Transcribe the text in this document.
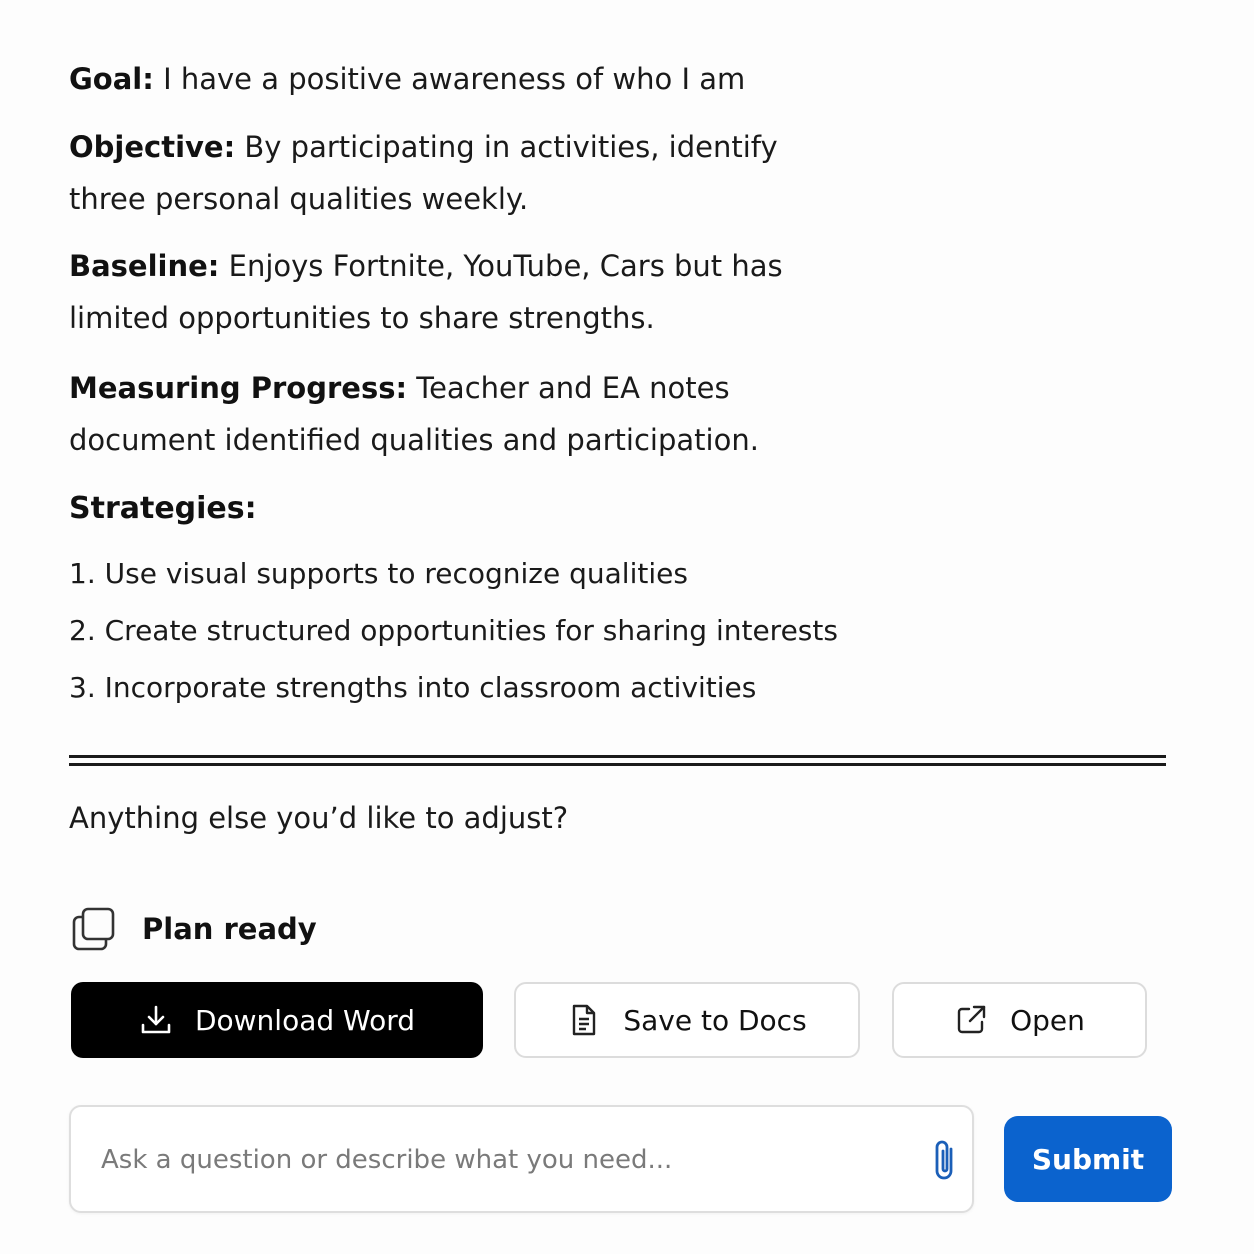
Goal: I have a positive awareness of who I am

Objective: By participating in activities, identify three personal qualities weekly.

Baseline: Enjoys Fortnite, YouTube, Cars but has limited opportunities to share strengths.

Measuring Progress: Teacher and EA notes document identified qualities and participation.

Strategies:
1. Use visual supports to recognize qualities
2. Create structured opportunities for sharing interests
3. Incorporate strengths into classroom activities

Anything else you’d like to adjust?

Plan ready
Download Word	Save to Docs	Open
Ask a question or describe what you need...
Submit
